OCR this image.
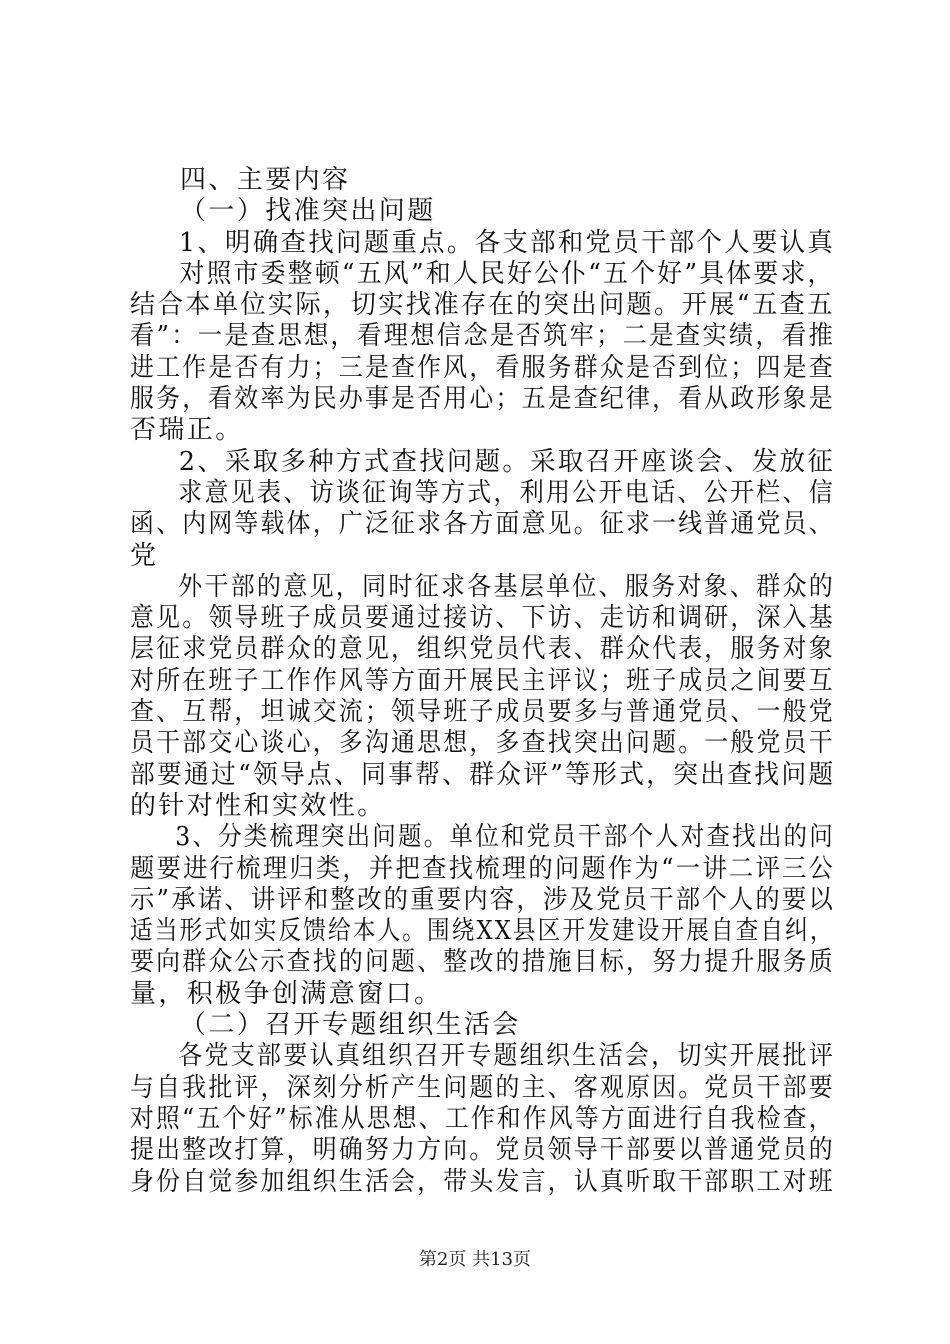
四、主要内容
（一）找准突出问题
1、明确查找问题重点。各支部和党员干部个人要认真
对照市委整顿“五风”和人民好公仆“五个好”具体要求，
结合本单位实际，切实找准存在的突出问题。开展“五查五
看”：一是查思想，看理想信念是否筑牢；二是查实绩，看推
进工作是否有力；三是查作风，看服务群众是否到位；四是查
服务，看效率为民办事是否用心；五是查纪律，看从政形象是
否瑞正。
2、采取多种方式查找问题。采取召开座谈会、发放征
求意见表、访谈征询等方式，利用公开电话、公开栏、信
函、内网等载体，广泛征求各方面意见。征求一线普通党员、
党
外干部的意见，同时征求各基层单位、服务对象、群众的
意见。领导班子成员要通过接访、下访、走访和调研，深入基
层征求党员群众的意见，组织党员代表、群众代表，服务对象
对所在班子工作作风等方面开展民主评议；班子成员之间要互
查、互帮，坦诚交流；领导班子成员要多与普通党员、一般党
员干部交心谈心，多沟通思想，多查找突出问题。一般党员干
部要通过“领导点、同事帮、群众评”等形式，突出查找问题
的针对性和实效性。
3、分类梳理突出问题。单位和党员干部个人对查找出的问
题要进行梳理归类，并把查找梳理的问题作为“一讲二评三公
示”承诺、讲评和整改的重要内容，涉及党员干部个人的要以
适当形式如实反馈给本人。围绕XX县区开发建设开展自查自纠，
要向群众公示查找的问题、整改的措施目标，努力提升服务质
量，积极争创满意窗口。
（二）召开专题组织生活会
各党支部要认真组织召开专题组织生活会，切实开展批评
与自我批评，深刻分析产生问题的主、客观原因。党员干部要
对照“五个好”标准从思想、工作和作风等方面进行自我检查，
提出整改打算，明确努力方向。党员领导干部要以普通党员的
身份自觉参加组织生活会，带头发言，认真听取干部职工对班
第2页 共13页
